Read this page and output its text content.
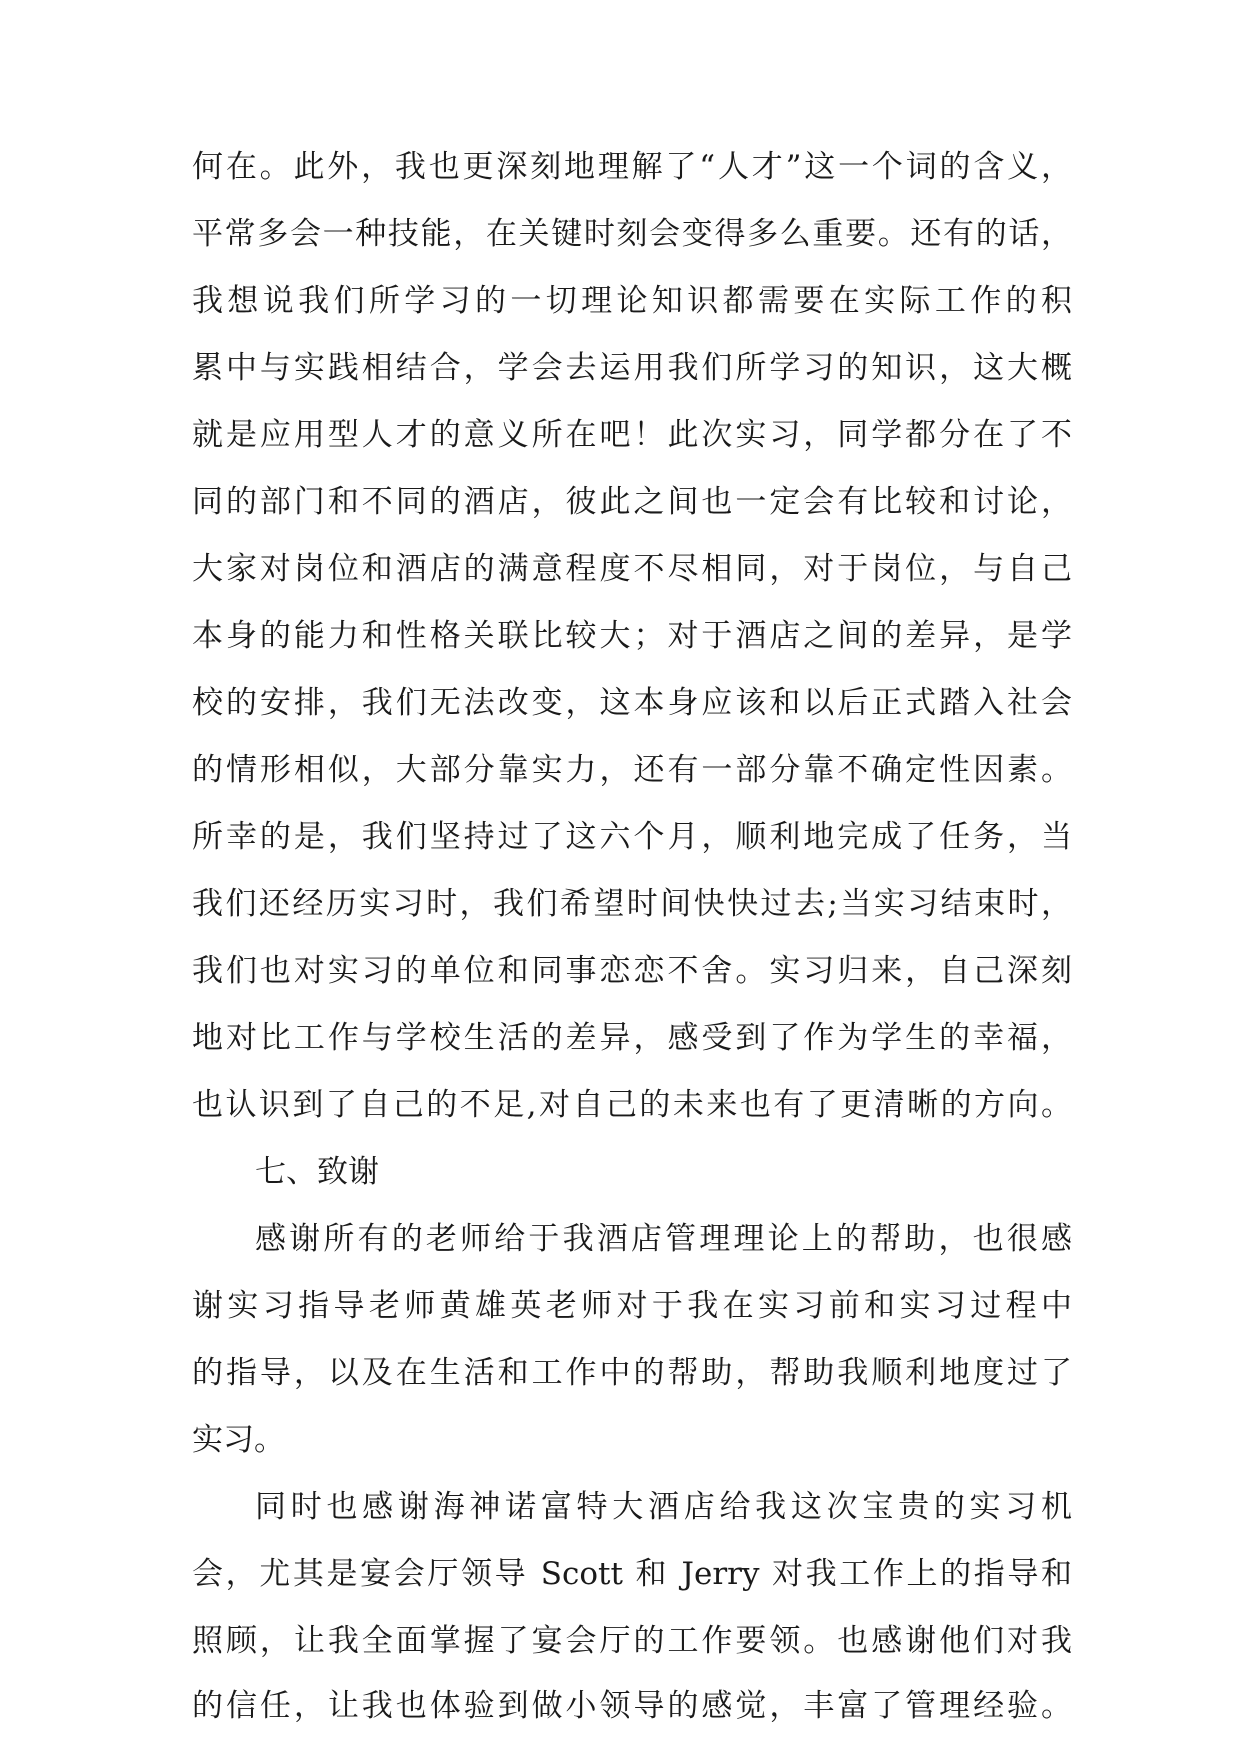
何在。此外，我也更深刻地理解了“人才”这一个词的含义，
平常多会一种技能，在关键时刻会变得多么重要。还有的话，
我想说我们所学习的一切理论知识都需要在实际工作的积
累中与实践相结合，学会去运用我们所学习的知识，这大概
就是应用型人才的意义所在吧！此次实习，同学都分在了不
同的部门和不同的酒店，彼此之间也一定会有比较和讨论，
大家对岗位和酒店的满意程度不尽相同，对于岗位，与自己
本身的能力和性格关联比较大；对于酒店之间的差异，是学
校的安排，我们无法改变，这本身应该和以后正式踏入社会
的情形相似，大部分靠实力，还有一部分靠不确定性因素。
所幸的是，我们坚持过了这六个月，顺利地完成了任务，当
我们还经历实习时，我们希望时间快快过去;当实习结束时，
我们也对实习的单位和同事恋恋不舍。实习归来，自己深刻
地对比工作与学校生活的差异，感受到了作为学生的幸福，
也认识到了自己的不足,对自己的未来也有了更清晰的方向。
七、致谢
感谢所有的老师给于我酒店管理理论上的帮助，也很感
谢实习指导老师黄雄英老师对于我在实习前和实习过程中
的指导，以及在生活和工作中的帮助，帮助我顺利地度过了
实习。
同时也感谢海神诺富特大酒店给我这次宝贵的实习机
会，尤其是宴会厅领导 Scott 和 Jerry 对我工作上的指导和
照顾，让我全面掌握了宴会厅的工作要领。也感谢他们对我
的信任，让我也体验到做小领导的感觉，丰富了管理经验。
